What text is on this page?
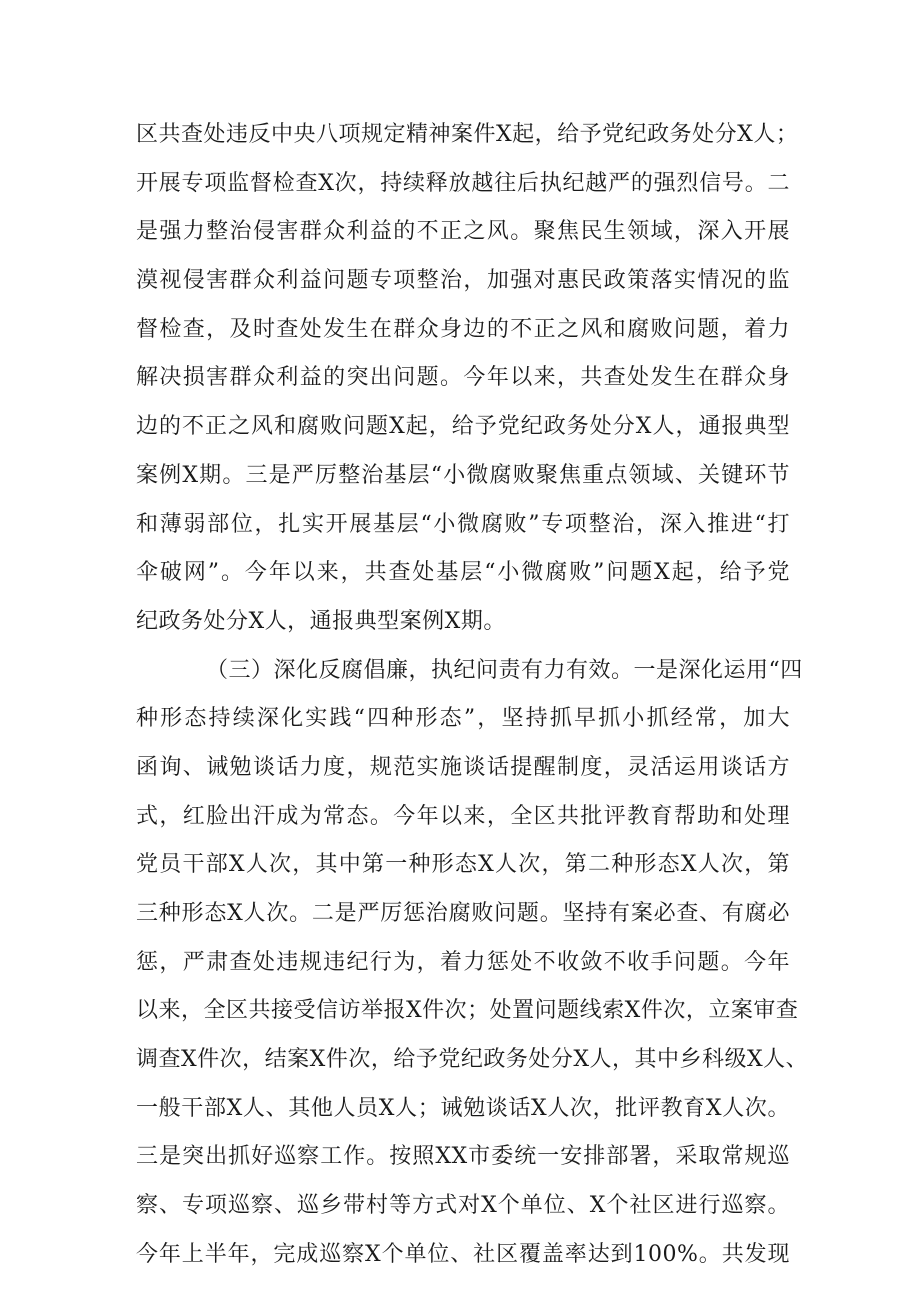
区共查处违反中央八项规定精神案件X起，给予党纪政务处分X人；
开展专项监督检查X次，持续释放越往后执纪越严的强烈信号。二
是强力整治侵害群众利益的不正之风。聚焦民生领域，深入开展
漠视侵害群众利益问题专项整治，加强对惠民政策落实情况的监
督检查，及时查处发生在群众身边的不正之风和腐败问题，着力
解决损害群众利益的突出问题。今年以来，共查处发生在群众身
边的不正之风和腐败问题X起，给予党纪政务处分X人，通报典型
案例X期。三是严厉整治基层“小微腐败聚焦重点领域、关键环节
和薄弱部位，扎实开展基层“小微腐败”专项整治，深入推进“打
伞破网”。今年以来，共查处基层“小微腐败”问题X起，给予党
纪政务处分X人，通报典型案例X期。
（三）深化反腐倡廉，执纪问责有力有效。一是深化运用“四
种形态持续深化实践“四种形态”，坚持抓早抓小抓经常，加大
函询、诫勉谈话力度，规范实施谈话提醒制度，灵活运用谈话方
式，红脸出汗成为常态。今年以来，全区共批评教育帮助和处理
党员干部X人次，其中第一种形态X人次，第二种形态X人次，第
三种形态X人次。二是严厉惩治腐败问题。坚持有案必查、有腐必
惩，严肃查处违规违纪行为，着力惩处不收敛不收手问题。今年
以来，全区共接受信访举报X件次；处置问题线索X件次，立案审查
调查X件次，结案X件次，给予党纪政务处分X人，其中乡科级X人、
一般干部X人、其他人员X人；诫勉谈话X人次，批评教育X人次。
三是突出抓好巡察工作。按照XX市委统一安排部署，采取常规巡
察、专项巡察、巡乡带村等方式对X个单位、X个社区进行巡察。
今年上半年，完成巡察X个单位、社区覆盖率达到100%。共发现
